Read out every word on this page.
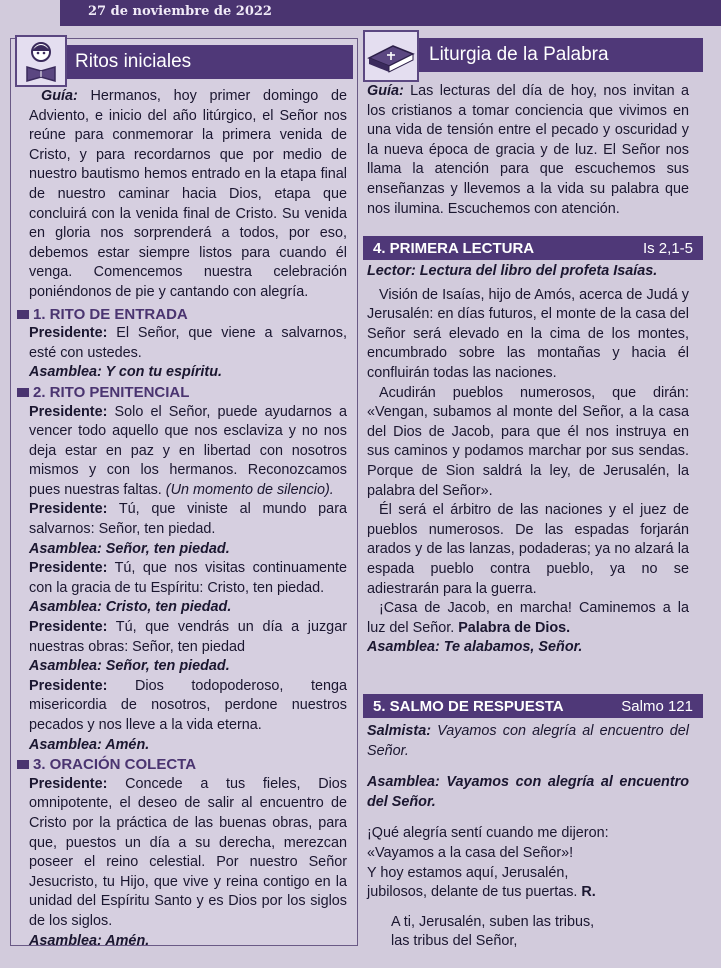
27 de noviembre de 2022
Ritos iniciales

Guía: Hermanos, hoy primer domingo de Adviento, e inicio del año litúrgico, el Señor nos reúne para conmemorar la primera venida de Cristo, y para recordarnos que por medio de nuestro bautismo hemos entrado en la etapa final de nuestro caminar hacia Dios, etapa que concluirá con la venida final de Cristo. Su venida en gloria nos sorprenderá a todos, por eso, debemos estar siempre listos para cuando él venga. Comencemos nuestra celebración poniéndonos de pie y cantando con alegría.

1. RITO DE ENTRADA

Presidente: El Señor, que viene a salvarnos, esté con ustedes.

Asamblea: Y con tu espíritu.

2. RITO PENITENCIAL

Presidente: Solo el Señor, puede ayudarnos a vencer todo aquello que nos esclaviza y no nos deja estar en paz y en libertad con nosotros mismos y con los hermanos. Reconozcamos pues nuestras faltas. (Un momento de silencio).

Presidente: Tú, que viniste al mundo para salvarnos: Señor, ten piedad.

Asamblea: Señor, ten piedad.

Presidente: Tú, que nos visitas continuamente con la gracia de tu Espíritu: Cristo, ten piedad.

Asamblea: Cristo, ten piedad.

Presidente: Tú, que vendrás un día a juzgar nuestras obras: Señor, ten piedad

Asamblea: Señor, ten piedad.

Presidente: Dios todopoderoso, tenga misericordia de nosotros, perdone nuestros pecados y nos lleve a la vida eterna.

Asamblea: Amén.

3. ORACIÓN COLECTA

Presidente: Concede a tus fieles, Dios omnipotente, el deseo de salir al encuentro de Cristo por la práctica de las buenas obras, para que, puestos un día a su derecha, merezcan poseer el reino celestial. Por nuestro Señor Jesucristo, tu Hijo, que vive y reina contigo en la unidad del Espíritu Santo y es Dios por los siglos de los siglos.

Asamblea: Amén.

Liturgia de la Palabra

Guía: Las lecturas del día de hoy, nos invitan a los cristianos a tomar conciencia que vivimos en una vida de tensión entre el pecado y oscuridad y la nueva época de gracia y de luz. El Señor nos llama la atención para que escuchemos sus enseñanzas y llevemos a la vida su palabra que nos ilumina. Escuchemos con atención.

4. PRIMERA LECTURA	Is 2,1-5

Lector: Lectura del libro del profeta Isaías.

Visión de Isaías, hijo de Amós, acerca de Judá y Jerusalén: en días futuros, el monte de la casa del Señor será elevado en la cima de los montes, encumbrado sobre las montañas y hacia él confluirán todas las naciones.

Acudirán pueblos numerosos, que dirán: «Vengan, subamos al monte del Señor, a la casa del Dios de Jacob, para que él nos instruya en sus caminos y podamos marchar por sus sendas. Porque de Sion saldrá la ley, de Jerusalén, la palabra del Señor».

Él será el árbitro de las naciones y el juez de pueblos numerosos. De las espadas forjarán arados y de las lanzas, podaderas; ya no alzará la espada pueblo contra pueblo, ya no se adiestrarán para la guerra.

¡Casa de Jacob, en marcha! Caminemos a la luz del Señor. Palabra de Dios.

Asamblea: Te alabamos, Señor.

5. SALMO DE RESPUESTA	Salmo 121

Salmista: Vayamos con alegría al encuentro del Señor.

Asamblea: Vayamos con alegría al encuentro del Señor.

¡Qué alegría sentí cuando me dijeron:

«Vayamos a la casa del Señor»!

Y hoy estamos aquí, Jerusalén,

jubilosos, delante de tus puertas. R.

A ti, Jerusalén, suben las tribus,

las tribus del Señor,
